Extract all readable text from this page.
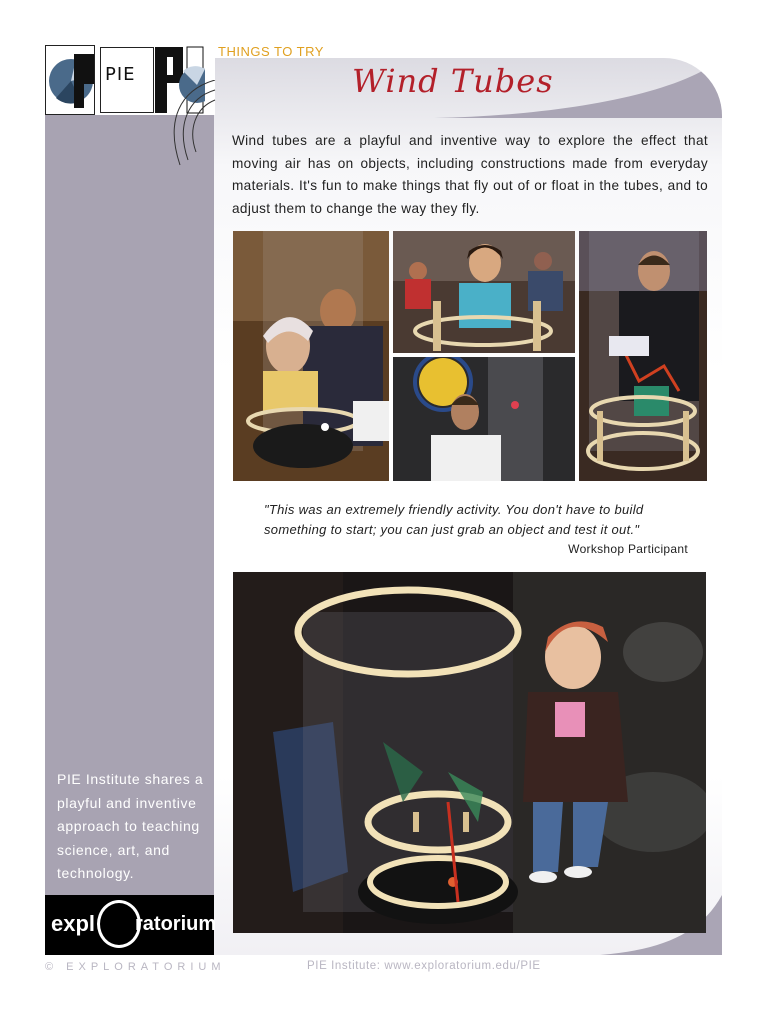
PIE
THINGS TO TRY
Wind Tubes
Wind tubes are a playful and inventive way to explore the effect that moving air has on objects, including constructions made from everyday materials. It's fun to make things that fly out of or float in the tubes, and to adjust them to change the way they fly.
"This was an extremely friendly activity. You don't have to build something to start; you can just grab an object and test it out."
Workshop Participant
PIE Institute shares a playful and inventive approach to teaching science, art, and technology.
expl ratorium
© EXPLORATORIUM	PIE Institute: www.exploratorium.edu/PIE
